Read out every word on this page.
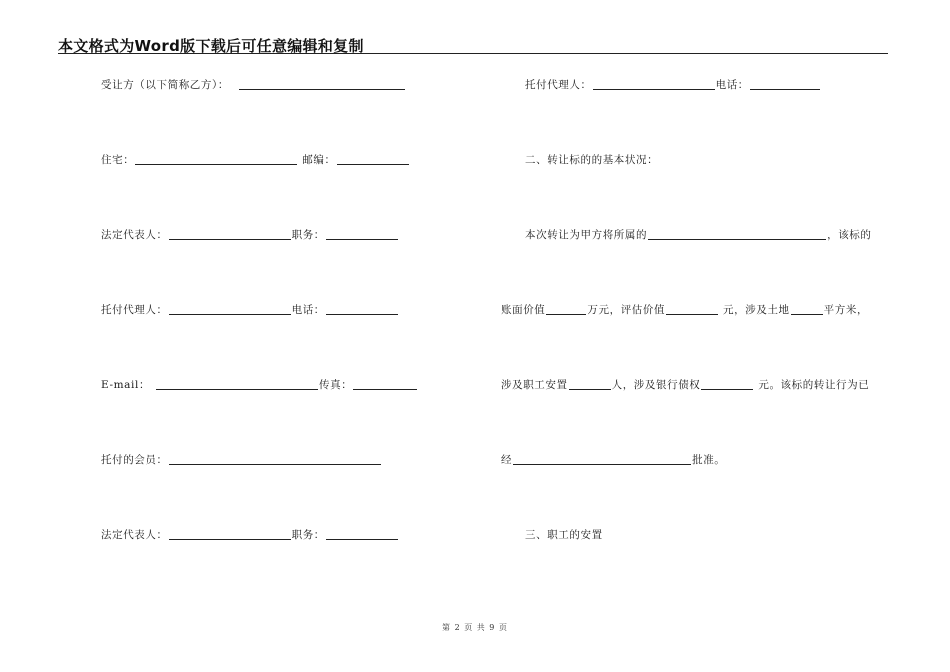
本文格式为Word版下载后可任意编辑和复制
受让方（以下简称乙方）：
住宅：	邮编：
法定代表人：	职务：
托付代理人：	电话：
E-mail：	传真：
托付的会员：
法定代表人：	职务：
托付代理人：	电话：
二、转让标的的基本状况：
本次转让为甲方将所属的	，该标的
账面价值	万元，评估价值	元，涉及土地	平方米，
涉及职工安置	人，涉及银行债权	元。该标的转让行为已
经	批准。
三、职工的安置
第 2 页 共 9 页
